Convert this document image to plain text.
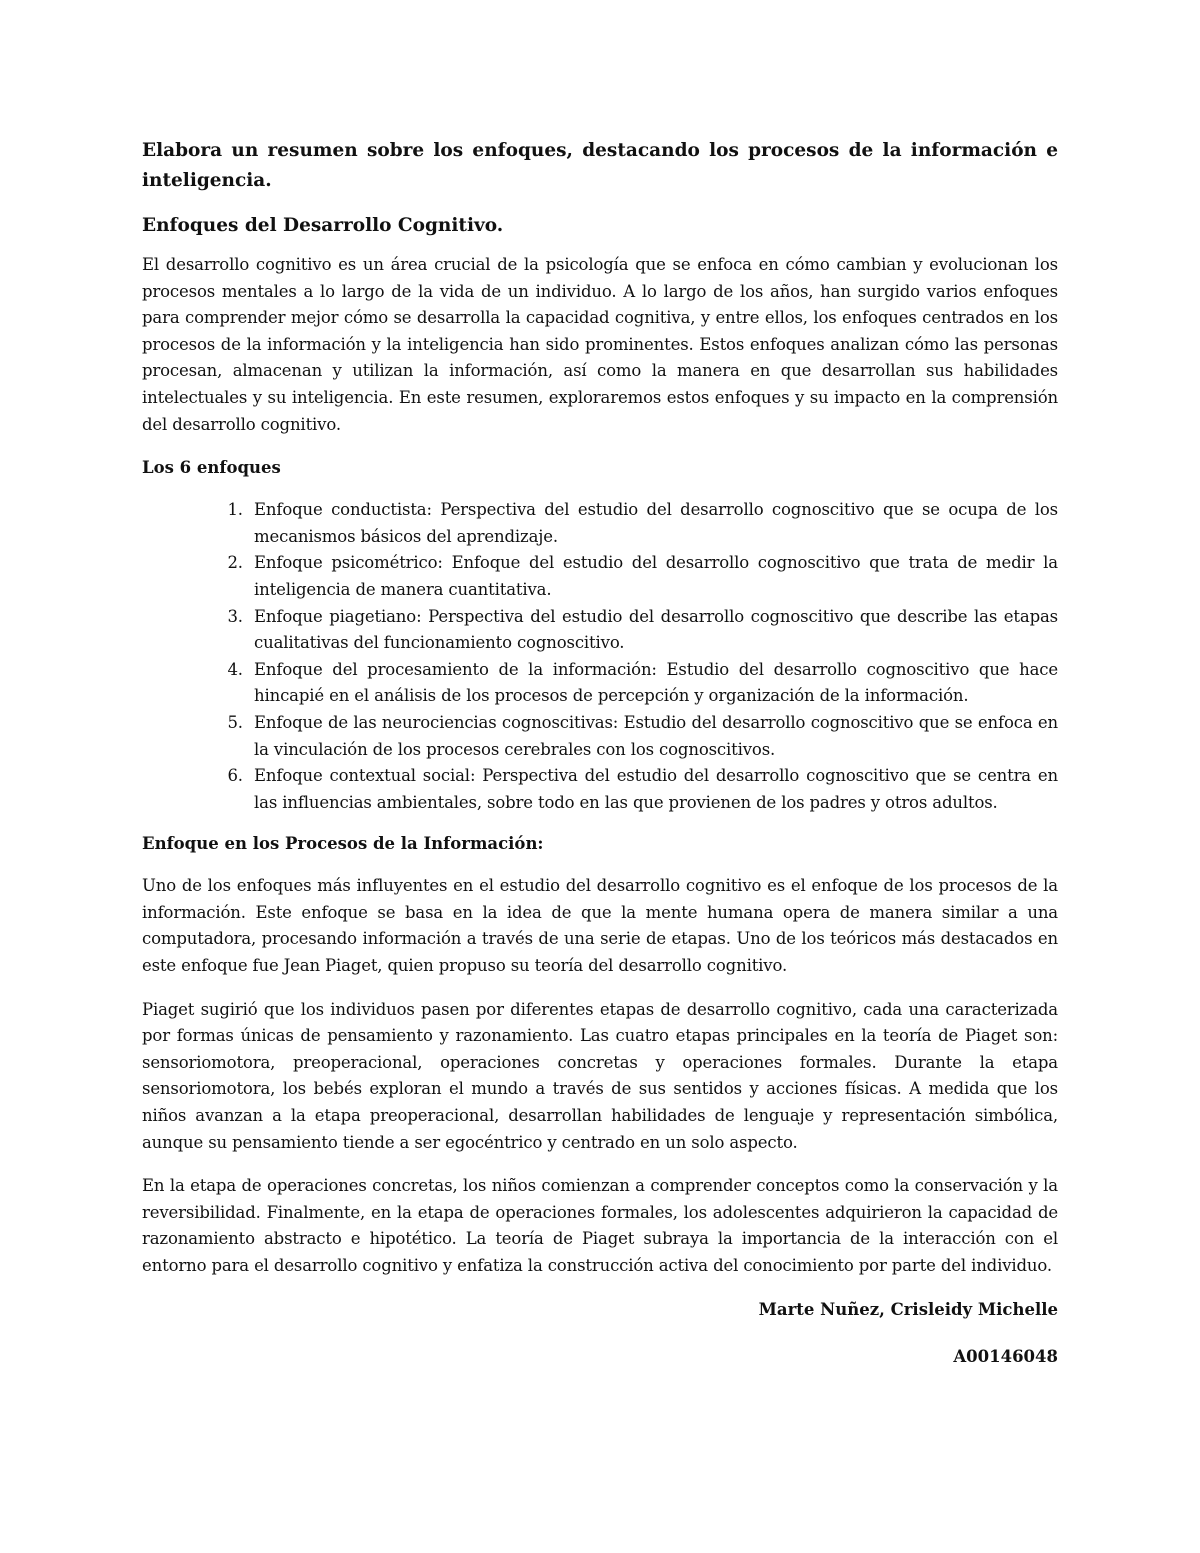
Elabora un resumen sobre los enfoques, destacando los procesos de la información e inteligencia.
Enfoques del Desarrollo Cognitivo.

El desarrollo cognitivo es un área crucial de la psicología que se enfoca en cómo cambian y evolucionan los procesos mentales a lo largo de la vida de un individuo. A lo largo de los años, han surgido varios enfoques para comprender mejor cómo se desarrolla la capacidad cognitiva, y entre ellos, los enfoques centrados en los procesos de la información y la inteligencia han sido prominentes. Estos enfoques analizan cómo las personas procesan, almacenan y utilizan la información, así como la manera en que desarrollan sus habilidades intelectuales y su inteligencia. En este resumen, exploraremos estos enfoques y su impacto en la comprensión del desarrollo cognitivo.

Los 6 enfoques
1. Enfoque conductista: Perspectiva del estudio del desarrollo cognoscitivo que se ocupa de los mecanismos básicos del aprendizaje.
2. Enfoque psicométrico: Enfoque del estudio del desarrollo cognoscitivo que trata de medir la inteligencia de manera cuantitativa.
3. Enfoque piagetiano: Perspectiva del estudio del desarrollo cognoscitivo que describe las etapas cualitativas del funcionamiento cognoscitivo.
4. Enfoque del procesamiento de la información: Estudio del desarrollo cognoscitivo que hace hincapié en el análisis de los procesos de percepción y organización de la información.
5. Enfoque de las neurociencias cognoscitivas: Estudio del desarrollo cognoscitivo que se enfoca en la vinculación de los procesos cerebrales con los cognoscitivos.
6. Enfoque contextual social: Perspectiva del estudio del desarrollo cognoscitivo que se centra en las influencias ambientales, sobre todo en las que provienen de los padres y otros adultos.
Enfoque en los Procesos de la Información:

Uno de los enfoques más influyentes en el estudio del desarrollo cognitivo es el enfoque de los procesos de la información. Este enfoque se basa en la idea de que la mente humana opera de manera similar a una computadora, procesando información a través de una serie de etapas. Uno de los teóricos más destacados en este enfoque fue Jean Piaget, quien propuso su teoría del desarrollo cognitivo.

Piaget sugirió que los individuos pasen por diferentes etapas de desarrollo cognitivo, cada una caracterizada por formas únicas de pensamiento y razonamiento. Las cuatro etapas principales en la teoría de Piaget son: sensoriomotora, preoperacional, operaciones concretas y operaciones formales. Durante la etapa sensoriomotora, los bebés exploran el mundo a través de sus sentidos y acciones físicas. A medida que los niños avanzan a la etapa preoperacional, desarrollan habilidades de lenguaje y representación simbólica, aunque su pensamiento tiende a ser egocéntrico y centrado en un solo aspecto.

En la etapa de operaciones concretas, los niños comienzan a comprender conceptos como la conservación y la reversibilidad. Finalmente, en la etapa de operaciones formales, los adolescentes adquirieron la capacidad de razonamiento abstracto e hipotético. La teoría de Piaget subraya la importancia de la interacción con el entorno para el desarrollo cognitivo y enfatiza la construcción activa del conocimiento por parte del individuo.

Marte Nuñez, Crisleidy Michelle
A00146048
